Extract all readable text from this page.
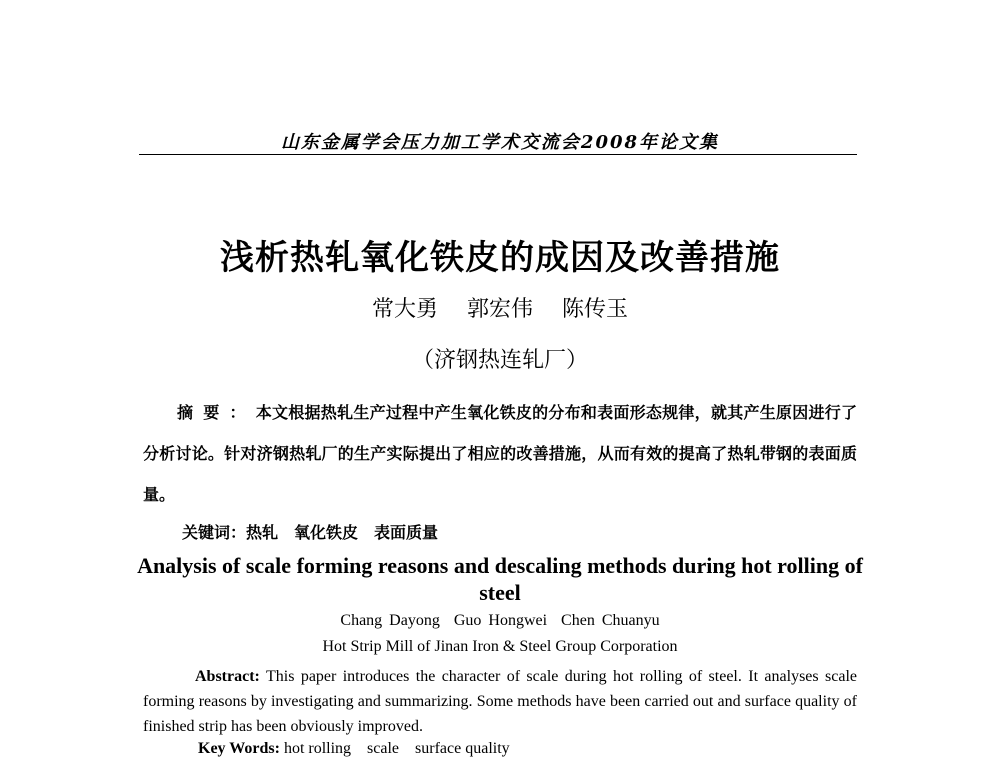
山东金属学会压力加工学术交流会2008年论文集
浅析热轧氧化铁皮的成因及改善措施
常大勇 郭宏伟 陈传玉
（济钢热连轧厂）

摘要：本文根据热轧生产过程中产生氧化铁皮的分布和表面形态规律，就其产生原因进行了分析讨论。针对济钢热轧厂的生产实际提出了相应的改善措施，从而有效的提高了热轧带钢的表面质量。

关键词：热轧 氧化铁皮 表面质量
Analysis of scale forming reasons and descaling methods during hot rolling of steel
Chang Dayong Guo Hongwei Chen Chuanyu
Hot Strip Mill of Jinan Iron & Steel Group Corporation

Abstract: This paper introduces the character of scale during hot rolling of steel. It analyses scale forming reasons by investigating and summarizing. Some methods have been carried out and surface quality of finished strip has been obviously improved.

Key Words: hot rolling scale surface quality
